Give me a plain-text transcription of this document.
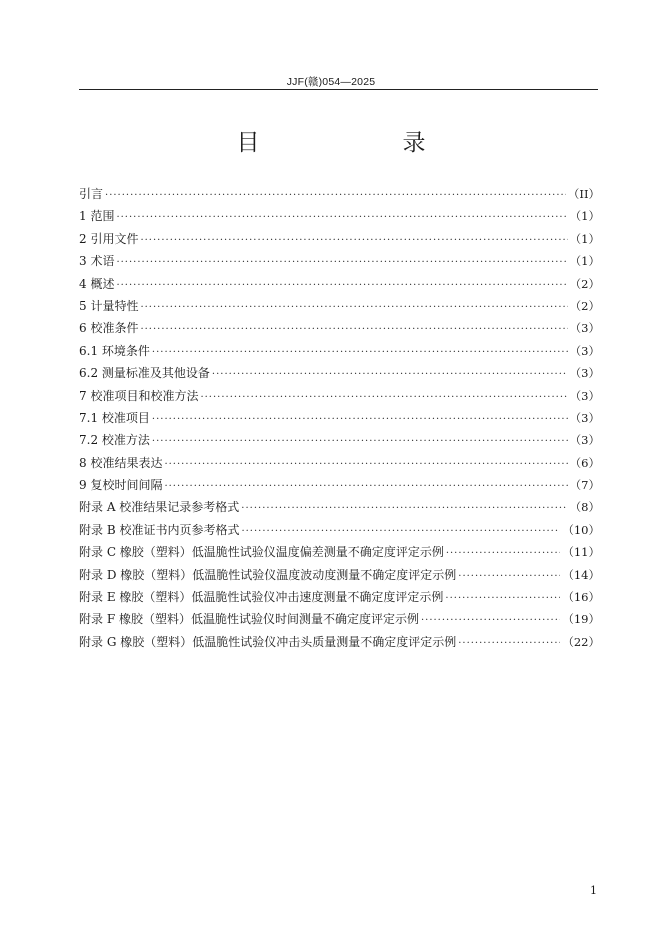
JJF(赣)054—2025
目　录
引言 ·····	（II）
1 范围 ·····	（1）
2 引用文件 ·····	（1）
3 术语 ·····	（1）
4 概述 ·····	（2）
5 计量特性 ·····	（2）
6 校准条件 ·····	（3）
6.1 环境条件 ·····	（3）
6.2 测量标准及其他设备 ·····	（3）
7 校准项目和校准方法 ·····	（3）
7.1 校准项目 ·····	（3）
7.2 校准方法 ·····	（3）
8 校准结果表达 ·····	（6）
9 复校时间间隔 ·····	（7）
附录 A 校准结果记录参考格式 ·····	（8）
附录 B 校准证书内页参考格式 ·····	（10）
附录 C 橡胶（塑料）低温脆性试验仪温度偏差测量不确定度评定示例 ·····	（11）
附录 D 橡胶（塑料）低温脆性试验仪温度波动度测量不确定度评定示例 ·····	（14）
附录 E 橡胶（塑料）低温脆性试验仪冲击速度测量不确定度评定示例 ·····	（16）
附录 F 橡胶（塑料）低温脆性试验仪时间测量不确定度评定示例 ·····	（19）
附录 G 橡胶（塑料）低温脆性试验仪冲击头质量测量不确定度评定示例 ·····	（22）
1
